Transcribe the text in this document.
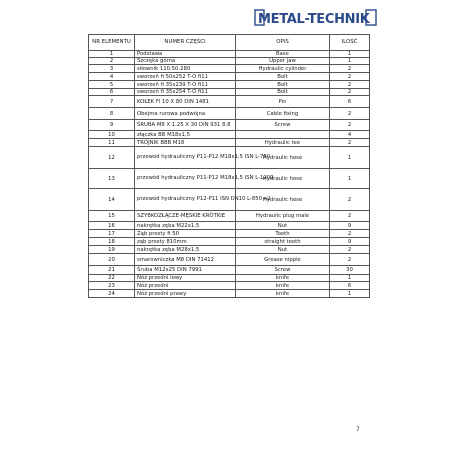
METAL-TECHNIK
NR ELEMENTU	NUMER CZĘŚCI	OPIS	ILOŚĆ
1	Podstawa	Base	1
2	Szczęka górna	Upper jaw	1
3	siłownik 110.50.280	Hydraulic cylinder	2
4	sworzeń fi 50x252 T-O fi11	Bolt	2
5	sworzeń fi 35x239 T-O fi11	Bolt	2
6	sworzeń fi 35x254 T-O fi11	Bolt	2
7	KOŁEK Fl 10 X 80 DIN 1481	Pin	6
8	Obejma rurowa podwójna	Cable fixing	2
9	ŚRUBA M8 X 1.25 X 30 DIN 931 8.8	Screw	2
10	złączka BB M18x1,5		4
11	TRÓJNIK BBB M18	Hydraulic tee	2
12	przewód hydrauliczny P11-P12 M18x1,5 ISN L-750	Hydraulic hose	1
13	przewód hydrauliczny P11-P12 M18x1,5 ISN L-1200	Hydraulic hose	1
14	przewód hydrauliczny P12-P11 ISN DN10 L-850 n2	Hydraulic hose	2
15	SZYBKOZŁĄCZE-MĘSKIE KRÓTKIE	Hydraulic plug male	2
16	nakrętka zęba M22x1,5	Nut	9
17	Ząb prosty fi 50	Tooth	2
18	ząb prosty 810mm	straight tooth	9
19	nakrętka zęba M28x1,5	Nut	2
20	smarowniczka M8 DIN 71412	Grease nipple	2
21	Śruba M12x25 DIN 7991	Screw	30
22	Nóż przedni lewy	knife	1
23	Nóż przedni	knife	6
24	Nóż przedni prawy	knife	1
7
